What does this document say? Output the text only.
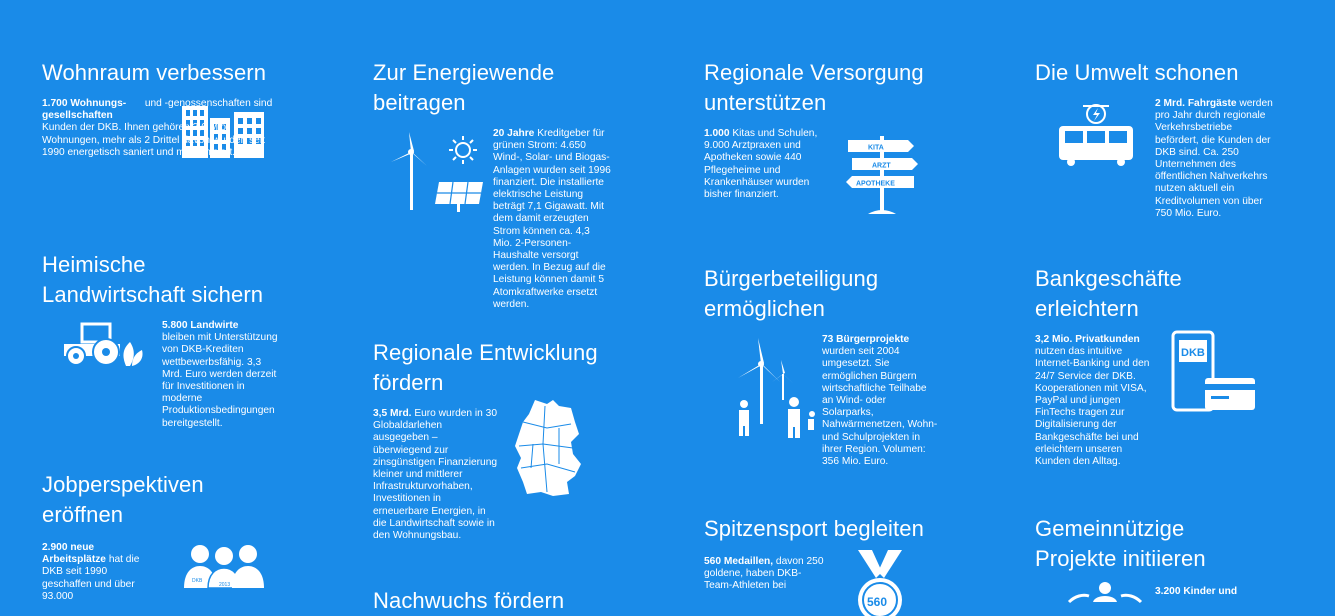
Wohnraum verbessern

1.700 Wohnungs-gesellschaften und -genossenschaften sind Kunden der DKB. Ihnen gehören 3,6 Mio. Wohnungen, mehr als 2 Drittel davon wurden seit 1990 energetisch saniert und modernisiert.

Heimische
Landwirtschaft sichern

5.800 Landwirte
bleiben mit Unterstützung von DKB-Krediten wettbewerbsfähig. 3,3 Mrd. Euro werden derzeit für Investitionen in moderne Produktionsbedingungen bereitgestellt.

Jobperspektiven
eröffnen
DKB
2013

2.900 neue Arbeitsplätze hat die DKB seit 1990 geschaffen und über 93.000

Zur Energiewende
beitragen

20 Jahre Kreditgeber für grünen Strom: 4.650 Wind-, Solar- und Biogas-Anlagen wurden seit 1996 finanziert. Die installierte elektrische Leistung beträgt 7,1 Gigawatt. Mit dem damit erzeugten Strom können ca. 4,3 Mio. 2-Personen-Haushalte versorgt werden. In Bezug auf die Leistung können damit 5 Atomkraftwerke ersetzt werden.

Regionale Entwicklung
fördern

3,5 Mrd. Euro wurden in 30 Globaldarlehen ausgegeben – überwiegend zur zinsgünstigen Finanzierung kleiner und mittlerer Infrastrukturvorhaben, Investitionen in erneuerbare Energien, in die Landwirtschaft sowie in den Wohnungsbau.

Nachwuchs fördern
Regionale Versorgung
unterstützen
KITA
ARZT
APOTHEKE

1.000 Kitas und Schulen, 9.000 Arztpraxen und Apotheken sowie 440 Pflegeheime und Krankenhäuser wurden bisher finanziert.

Bürgerbeteiligung
ermöglichen

73 Bürgerprojekte wurden seit 2004 umgesetzt. Sie ermöglichen Bürgern wirtschaftliche Teilhabe an Wind- oder Solarparks, Nahwärmenetzen, Wohn- und Schulprojekten in ihrer Region. Volumen: 356 Mio. Euro.

Spitzensport begleiten
560

560 Medaillen, davon 250 goldene, haben DKB-Team-Athleten bei

Die Umwelt schonen

2 Mrd. Fahrgäste werden pro Jahr durch regionale Verkehrsbetriebe befördert, die Kunden der DKB sind. Ca. 250 Unternehmen des öffentlichen Nahverkehrs nutzen aktuell ein Kreditvolumen von über 750 Mio. Euro.

Bankgeschäfte
erleichtern
DKB

3,2 Mio. Privatkunden nutzen das intuitive Internet-Banking und den 24/7 Service der DKB. Kooperationen mit VISA, PayPal und jungen FinTechs tragen zur Digitalisierung der Bankgeschäfte bei und erleichtern unseren Kunden den Alltag.

Gemeinnützige
Projekte initiieren

3.200 Kinder und
